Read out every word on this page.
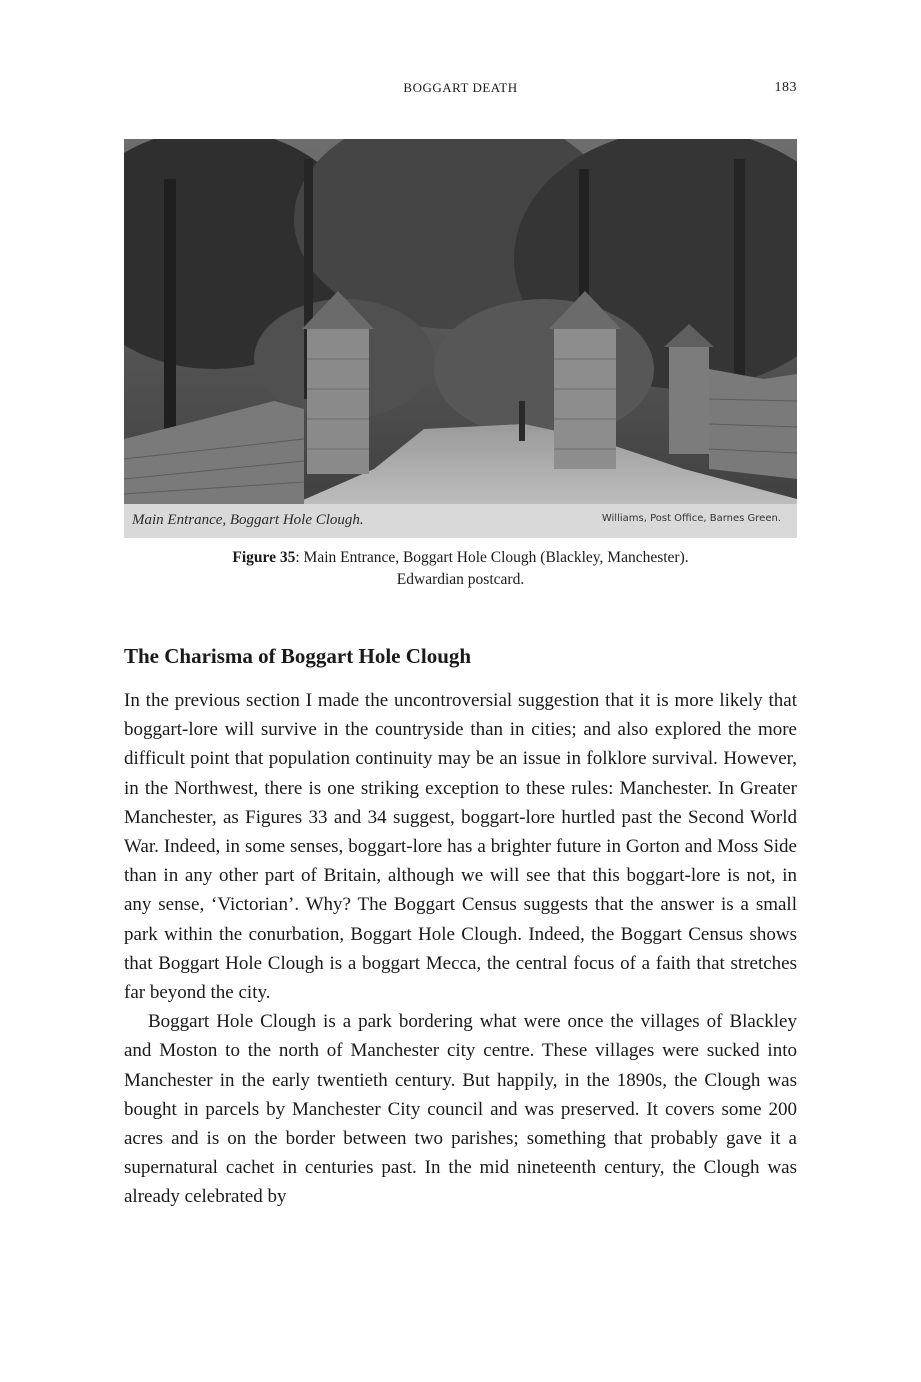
BOGGART DEATH	183
Main Entrance, Boggart Hole Clough.	Williams, Post Office, Barnes Green.
Figure 35: Main Entrance, Boggart Hole Clough (Blackley, Manchester).
Edwardian postcard.
The Charisma of Boggart Hole Clough

In the previous section I made the uncontroversial suggestion that it is more likely that boggart-lore will survive in the countryside than in cities; and also explored the more difficult point that population continuity may be an issue in folklore survival. However, in the Northwest, there is one striking exception to these rules: Manchester. In Greater Manchester, as Figures 33 and 34 suggest, boggart-lore hurtled past the Second World War. Indeed, in some senses, boggart-lore has a brighter future in Gorton and Moss Side than in any other part of Britain, although we will see that this boggart-lore is not, in any sense, ‘Victorian’. Why? The Boggart Census suggests that the answer is a small park within the conurbation, Boggart Hole Clough. Indeed, the Boggart Census shows that Boggart Hole Clough is a boggart Mecca, the central focus of a faith that stretches far beyond the city.

Boggart Hole Clough is a park bordering what were once the villages of Blackley and Moston to the north of Manchester city centre. These villages were sucked into Manchester in the early twentieth century. But happily, in the 1890s, the Clough was bought in parcels by Manchester City council and was preserved. It covers some 200 acres and is on the border between two parishes; something that probably gave it a supernatural cachet in centuries past. In the mid nineteenth century, the Clough was already celebrated by
